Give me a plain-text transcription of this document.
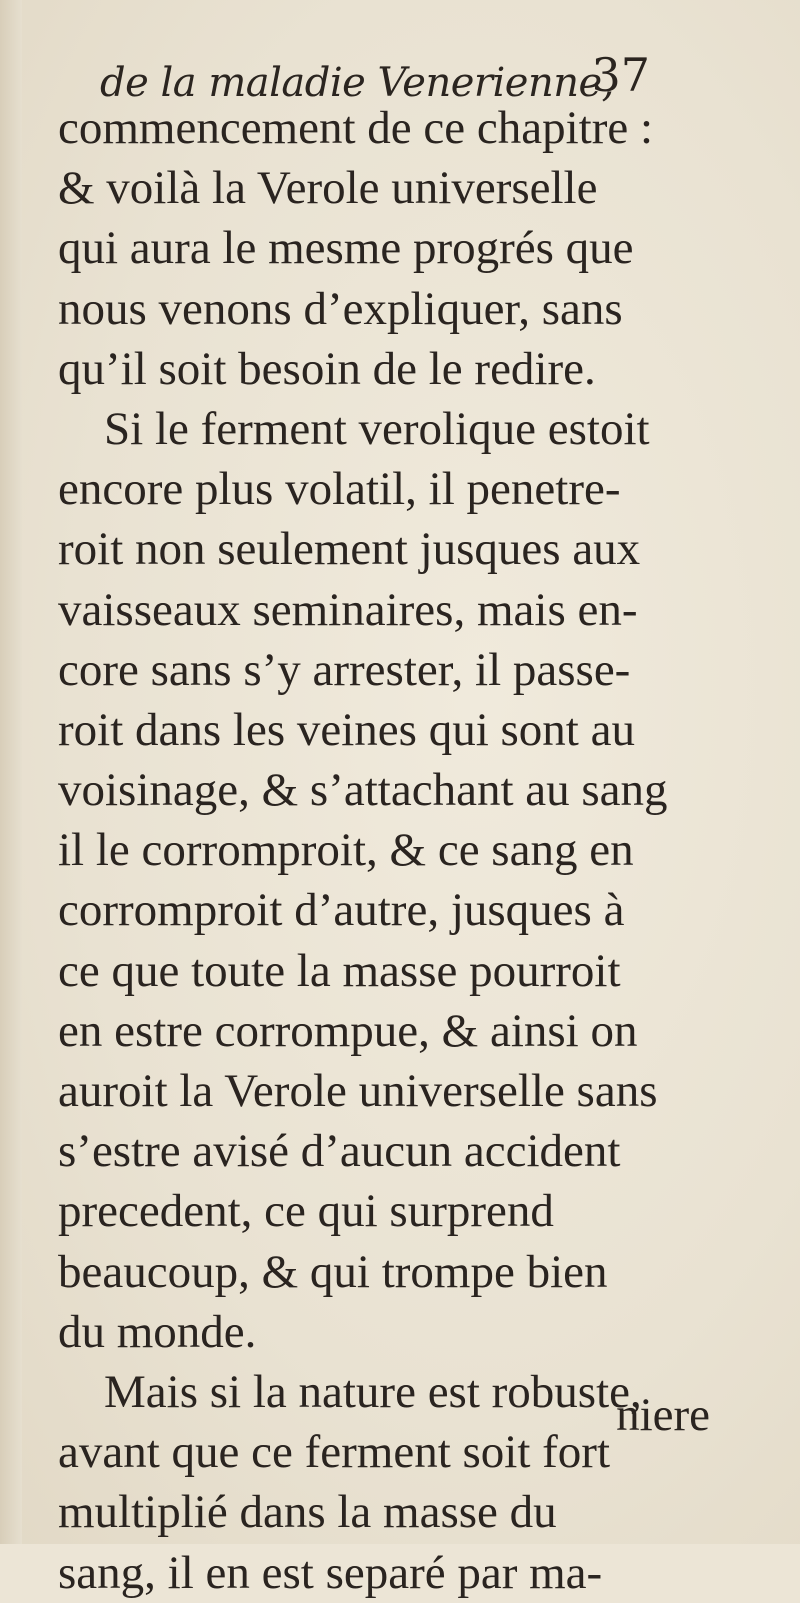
de la maladie Venerienne,
37
commencement de ce chapitre :
& voilà la Verole universelle
qui aura le mesme progrés que
nous venons d’expliquer, sans
qu’il soit besoin de le redire.
Si le ferment verolique estoit
encore plus volatil, il penetre-
roit non seulement jusques aux
vaisseaux seminaires, mais en-
core sans s’y arrester, il passe-
roit dans les veines qui sont au
voisinage, & s’attachant au sang
il le corromproit, & ce sang en
corromproit d’autre, jusques à
ce que toute la masse pourroit
en estre corrompue, & ainsi on
auroit la Verole universelle sans
s’estre avisé d’aucun accident
precedent, ce qui surprend
beaucoup, & qui trompe bien
du monde.
Mais si la nature est robuste,
avant que ce ferment soit fort
multiplié dans la masse du
sang, il en est separé par ma-
niere
